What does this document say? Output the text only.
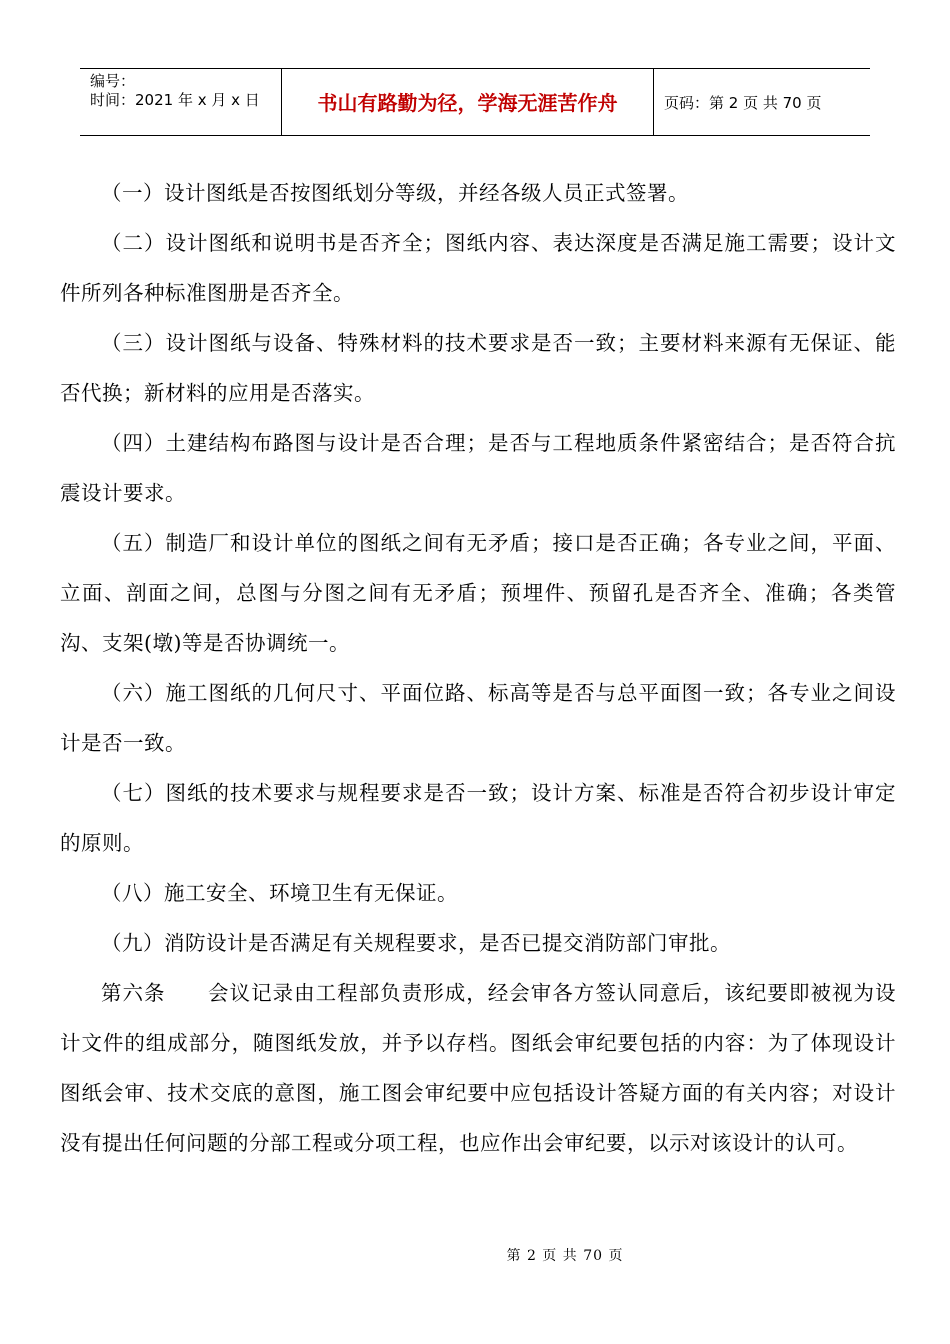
编号：
时间：2021 年 x 月 x 日	书山有路勤为径，学海无涯苦作舟	页码：第 2 页 共 70 页

（一）设计图纸是否按图纸划分等级，并经各级人员正式签署。

（二）设计图纸和说明书是否齐全；图纸内容、表达深度是否满足施工需要；设计文件所列各种标准图册是否齐全。

（三）设计图纸与设备、特殊材料的技术要求是否一致；主要材料来源有无保证、能否代换；新材料的应用是否落实。

（四）土建结构布路图与设计是否合理；是否与工程地质条件紧密结合；是否符合抗震设计要求。

（五）制造厂和设计单位的图纸之间有无矛盾；接口是否正确；各专业之间，平面、立面、剖面之间，总图与分图之间有无矛盾；预埋件、预留孔是否齐全、准确；各类管沟、支架(墩)等是否协调统一。

（六）施工图纸的几何尺寸、平面位路、标高等是否与总平面图一致；各专业之间设计是否一致。

（七）图纸的技术要求与规程要求是否一致；设计方案、标准是否符合初步设计审定的原则。

（八）施工安全、环境卫生有无保证。

（九）消防设计是否满足有关规程要求，是否已提交消防部门审批。

第六条 会议记录由工程部负责形成，经会审各方签认同意后，该纪要即被视为设计文件的组成部分，随图纸发放，并予以存档。图纸会审纪要包括的内容：为了体现设计图纸会审、技术交底的意图，施工图会审纪要中应包括设计答疑方面的有关内容；对设计没有提出任何问题的分部工程或分项工程，也应作出会审纪要，以示对该设计的认可。

第 2 页 共 70 页
